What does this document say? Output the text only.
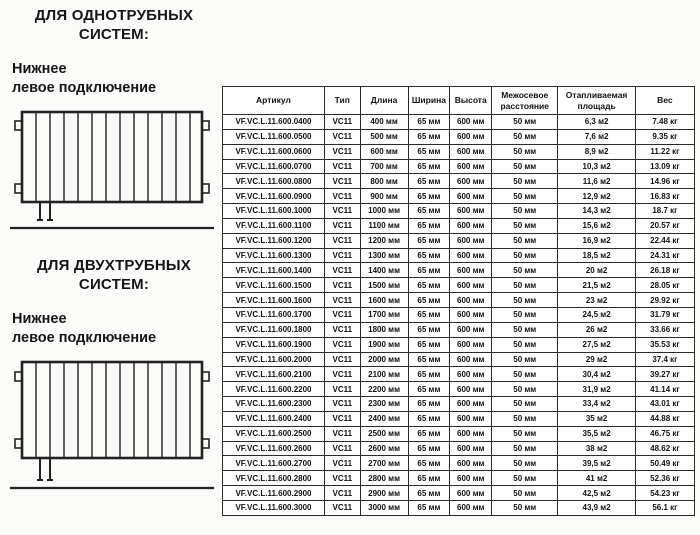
ДЛЯ ОДНОТРУБНЫХ
СИСТЕМ:
Нижнее
левое подключение
ДЛЯ ДВУХТРУБНЫХ
СИСТЕМ:
Нижнее
левое подключение
Артикул	Тип	Длина	Ширина	Высота	Межосевое расстояние	Отапливаемая площадь	Вес
VF.VC.L.11.600.0400	VC11	400 мм	65 мм	600 мм	50 мм	6,3 м2	7.48 кг
VF.VC.L.11.600.0500	VC11	500 мм	65 мм	600 мм	50 мм	7,6 м2	9.35 кг
VF.VC.L.11.600.0600	VC11	600 мм	65 мм	600 мм	50 мм	8,9 м2	11.22 кг
VF.VC.L.11.600.0700	VC11	700 мм	65 мм	600 мм	50 мм	10,3 м2	13.09 кг
VF.VC.L.11.600.0800	VC11	800 мм	65 мм	600 мм	50 мм	11,6 м2	14.96 кг
VF.VC.L.11.600.0900	VC11	900 мм	65 мм	600 мм	50 мм	12,9 м2	16.83 кг
VF.VC.L.11.600.1000	VC11	1000 мм	65 мм	600 мм	50 мм	14,3 м2	18.7 кг
VF.VC.L.11.600.1100	VC11	1100 мм	65 мм	600 мм	50 мм	15,6 м2	20.57 кг
VF.VC.L.11.600.1200	VC11	1200 мм	65 мм	600 мм	50 мм	16,9 м2	22.44 кг
VF.VC.L.11.600.1300	VC11	1300 мм	65 мм	600 мм	50 мм	18,5 м2	24.31 кг
VF.VC.L.11.600.1400	VC11	1400 мм	65 мм	600 мм	50 мм	20 м2	26.18 кг
VF.VC.L.11.600.1500	VC11	1500 мм	65 мм	600 мм	50 мм	21,5 м2	28.05 кг
VF.VC.L.11.600.1600	VC11	1600 мм	65 мм	600 мм	50 мм	23 м2	29.92 кг
VF.VC.L.11.600.1700	VC11	1700 мм	65 мм	600 мм	50 мм	24,5 м2	31.79 кг
VF.VC.L.11.600.1800	VC11	1800 мм	65 мм	600 мм	50 мм	26 м2	33.66 кг
VF.VC.L.11.600.1900	VC11	1900 мм	65 мм	600 мм	50 мм	27,5 м2	35.53 кг
VF.VC.L.11.600.2000	VC11	2000 мм	65 мм	600 мм	50 мм	29 м2	37.4 кг
VF.VC.L.11.600.2100	VC11	2100 мм	65 мм	600 мм	50 мм	30,4 м2	39.27 кг
VF.VC.L.11.600.2200	VC11	2200 мм	65 мм	600 мм	50 мм	31,9 м2	41.14 кг
VF.VC.L.11.600.2300	VC11	2300 мм	65 мм	600 мм	50 мм	33,4 м2	43.01 кг
VF.VC.L.11.600.2400	VC11	2400 мм	65 мм	600 мм	50 мм	35 м2	44.88 кг
VF.VC.L.11.600.2500	VC11	2500 мм	65 мм	600 мм	50 мм	35,5 м2	46.75 кг
VF.VC.L.11.600.2600	VC11	2600 мм	65 мм	600 мм	50 мм	38 м2	48.62 кг
VF.VC.L.11.600.2700	VC11	2700 мм	65 мм	600 мм	50 мм	39,5 м2	50.49 кг
VF.VC.L.11.600.2800	VC11	2800 мм	65 мм	600 мм	50 мм	41 м2	52.36 кг
VF.VC.L.11.600.2900	VC11	2900 мм	65 мм	600 мм	50 мм	42,5 м2	54.23 кг
VF.VC.L.11.600.3000	VC11	3000 мм	65 мм	600 мм	50 мм	43,9 м2	56.1 кг
